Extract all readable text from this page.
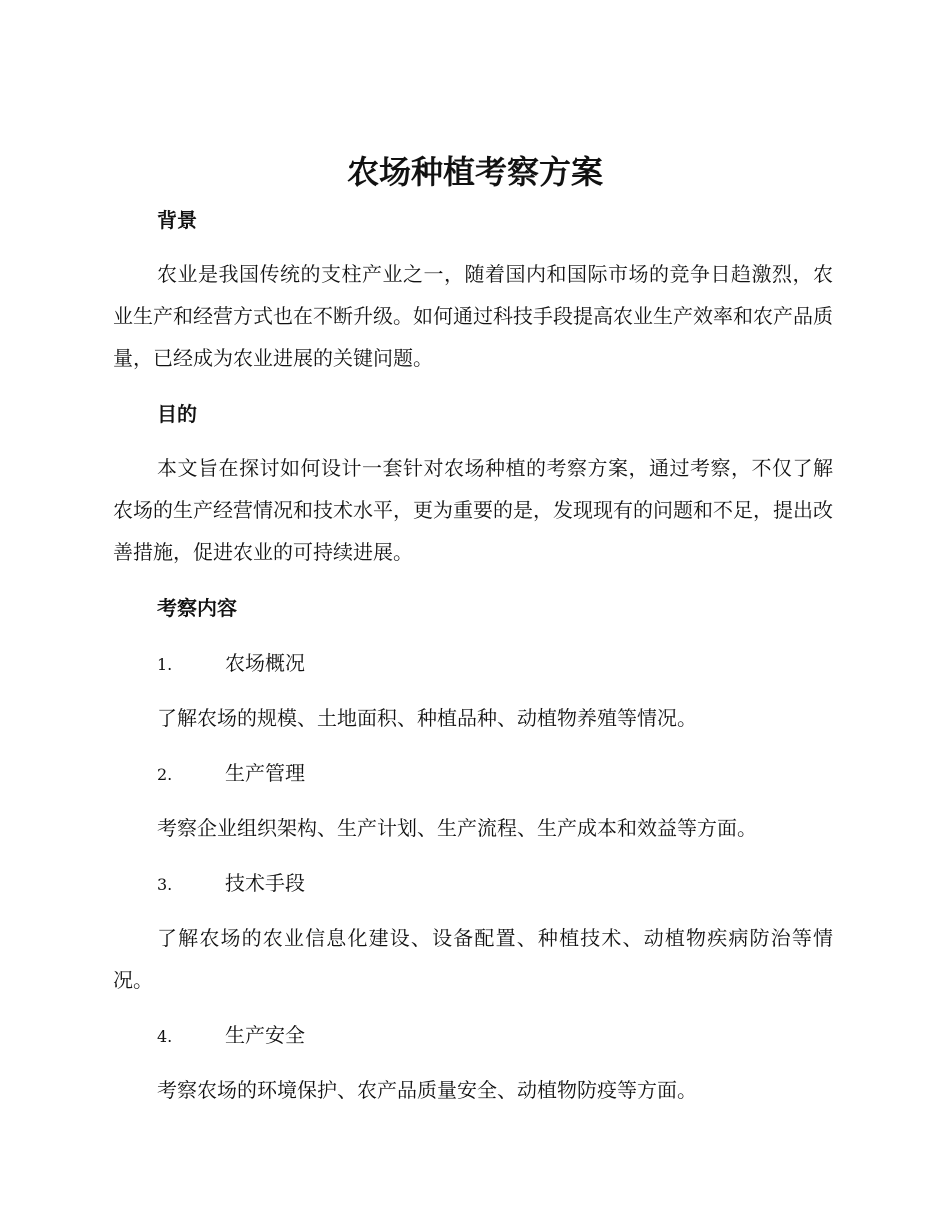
农场种植考察方案
背景

农业是我国传统的支柱产业之一，随着国内和国际市场的竞争日趋激烈，农业生产和经营方式也在不断升级。如何通过科技手段提高农业生产效率和农产品质量，已经成为农业进展的关键问题。

目的

本文旨在探讨如何设计一套针对农场种植的考察方案，通过考察，不仅了解农场的生产经营情况和技术水平，更为重要的是，发现现有的问题和不足，提出改善措施，促进农业的可持续进展。

考察内容
1.	农场概况

了解农场的规模、土地面积、种植品种、动植物养殖等情况。

2.	生产管理

考察企业组织架构、生产计划、生产流程、生产成本和效益等方面。

3.	技术手段

了解农场的农业信息化建设、设备配置、种植技术、动植物疾病防治等情况。

4.	生产安全

考察农场的环境保护、农产品质量安全、动植物防疫等方面。
